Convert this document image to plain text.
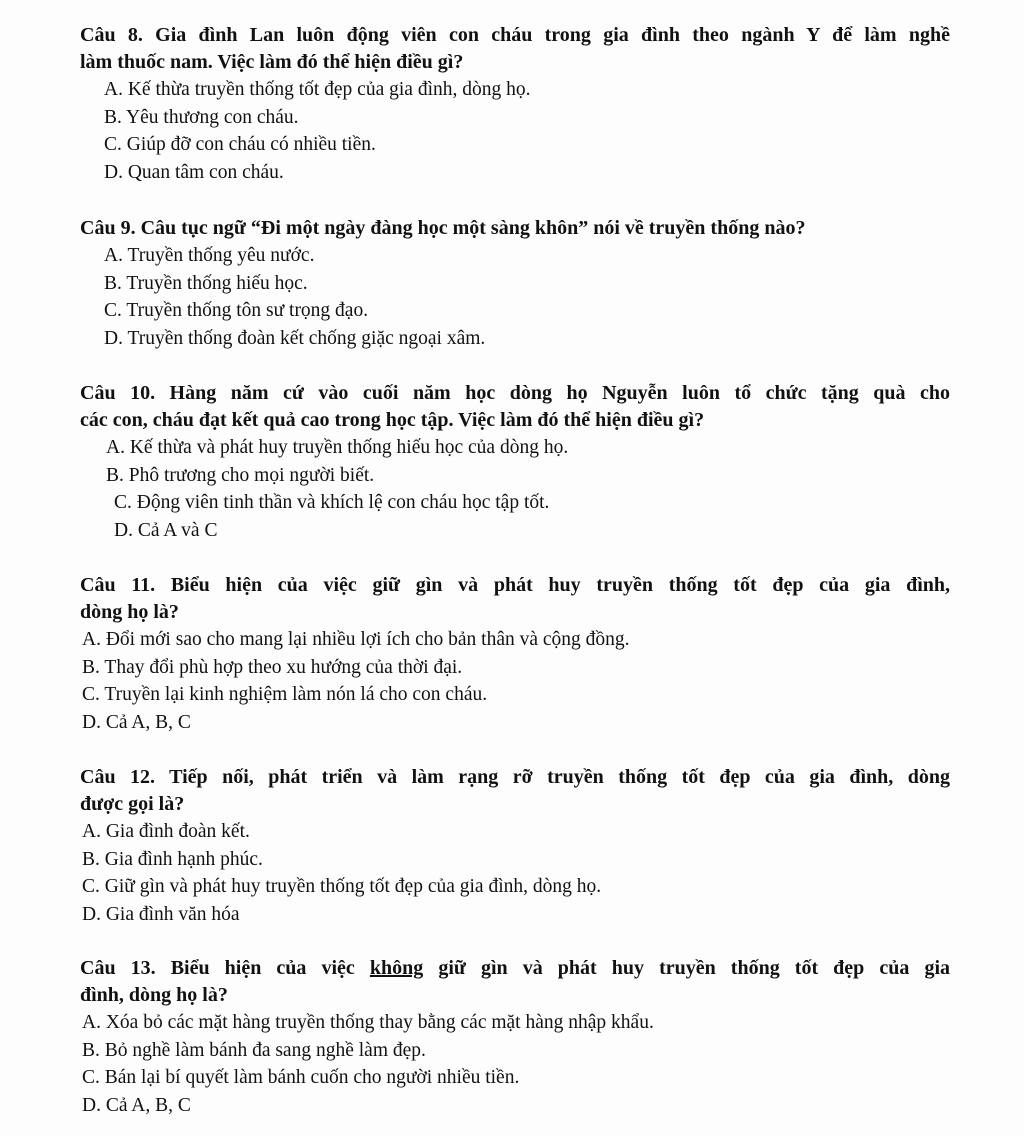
Câu 8. Gia đình Lan luôn động viên con cháu trong gia đình theo ngành Y để làm nghề

làm thuốc nam. Việc làm đó thể hiện điều gì?

A. Kế thừa truyền thống tốt đẹp của gia đình, dòng họ.

B. Yêu thương con cháu.

C. Giúp đỡ con cháu có nhiều tiền.

D. Quan tâm con cháu.

Câu 9. Câu tục ngữ “Đi một ngày đàng học một sàng khôn” nói về truyền thống nào?

A. Truyền thống yêu nước.

B. Truyền thống hiếu học.

C. Truyền thống tôn sư trọng đạo.

D. Truyền thống đoàn kết chống giặc ngoại xâm.

Câu 10. Hàng năm cứ vào cuối năm học dòng họ Nguyễn luôn tổ chức tặng quà cho

các con, cháu đạt kết quả cao trong học tập. Việc làm đó thể hiện điều gì?

A. Kế thừa và phát huy truyền thống hiếu học của dòng họ.

B. Phô trương cho mọi người biết.

C. Động viên tinh thần và khích lệ con cháu học tập tốt.

D. Cả A và C

Câu 11. Biểu hiện của việc giữ gìn và phát huy truyền thống tốt đẹp của gia đình,

dòng họ là?

A. Đổi mới sao cho mang lại nhiều lợi ích cho bản thân và cộng đồng.

B. Thay đổi phù hợp theo xu hướng của thời đại.

C. Truyền lại kinh nghiệm làm nón lá cho con cháu.

D. Cả A, B, C

Câu 12. Tiếp nối, phát triển và làm rạng rỡ truyền thống tốt đẹp của gia đình, dòng

được gọi là?

A. Gia đình đoàn kết.

B. Gia đình hạnh phúc.

C. Giữ gìn và phát huy truyền thống tốt đẹp của gia đình, dòng họ.

D. Gia đình văn hóa

Câu 13. Biểu hiện của việc không giữ gìn và phát huy truyền thống tốt đẹp của gia

đình, dòng họ là?

A. Xóa bỏ các mặt hàng truyền thống thay bằng các mặt hàng nhập khẩu.

B. Bỏ nghề làm bánh đa sang nghề làm đẹp.

C. Bán lại bí quyết làm bánh cuốn cho người nhiều tiền.

D. Cả A, B, C
